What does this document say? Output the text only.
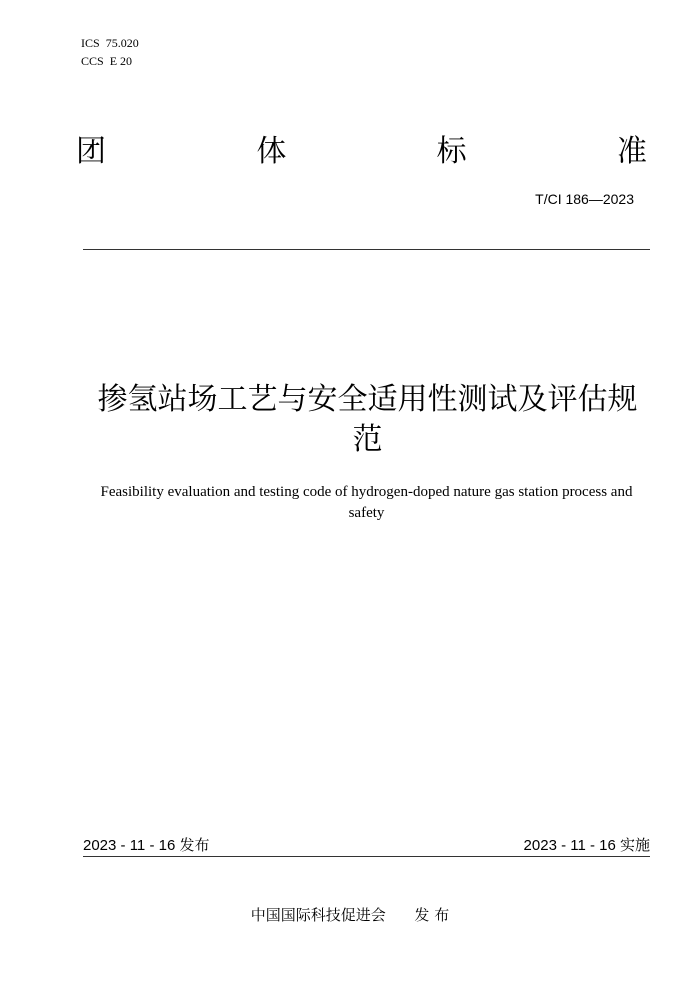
ICS 75.020
CCS E 20
团	体	标	准
T/CI 186—2023
掺氢站场工艺与安全适用性测试及评估规范
Feasibility evaluation and testing code of hydrogen-doped nature gas station process and safety
2023 - 11 - 16 发布	2023 - 11 - 16 实施
中国国际科技促进会 发 布
